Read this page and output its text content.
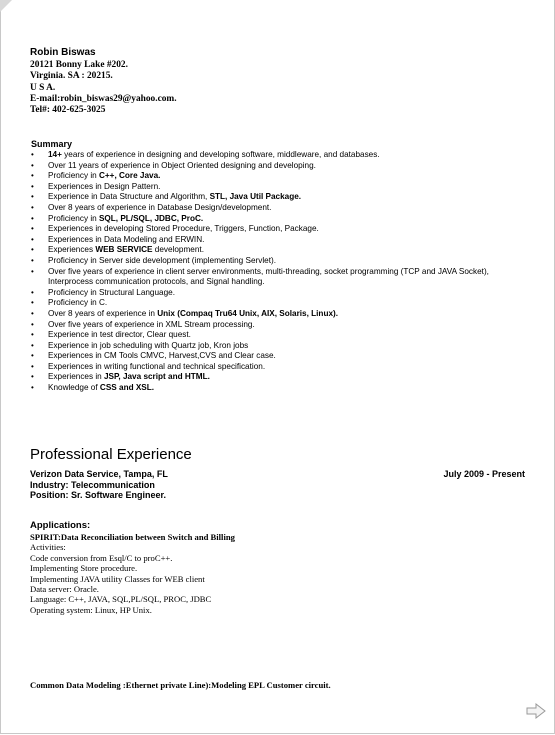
Robin Biswas
20121 Bonny Lake #202.
Virginia. SA : 20215.
U S A.
E-mail:robin_biswas29@yahoo.com.
Tel#: 402-625-3025
Summary
• 14+ years of experience in designing and developing software, middleware, and databases.
• Over 11 years of experience in Object Oriented designing and developing.
• Proficiency in C++, Core Java.
• Experiences in Design Pattern.
• Experience in Data Structure and Algorithm, STL, Java Util Package.
• Over 8 years of experience in Database Design/development.
• Proficiency in SQL, PL/SQL, JDBC, ProC.
• Experiences in developing Stored Procedure, Triggers, Function, Package.
• Experiences in Data Modeling and ERWIN.
• Experiences WEB SERVICE development.
• Proficiency in Server side development (implementing Servlet).
• Over five years of experience in client server environments, multi-threading, socket programming (TCP and JAVA Socket), Interprocess communication protocols, and Signal handling.
• Proficiency in Structural Language.
• Proficiency in C.
• Over 8 years of experience in Unix (Compaq Tru64 Unix, AIX, Solaris, Linux).
• Over five years of experience in XML Stream processing.
• Experience in test director, Clear quest.
• Experience in job scheduling with Quartz job, Kron jobs
• Experiences in CM Tools CMVC, Harvest,CVS and Clear case.
• Experiences in writing functional and technical specification.
• Experiences in JSP, Java script and HTML.
• Knowledge of CSS and XSL.
Professional Experience
Verizon Data Service, Tampa, FL
Industry: Telecommunication
Position: Sr. Software Engineer.
July 2009 - Present
Applications:
SPIRIT:Data Reconciliation between Switch and Billing
Activities:
Code conversion from Esql/C to proC++.
Implementing Store procedure.
Implementing JAVA utility Classes for WEB client
Data server: Oracle.
Language: C++, JAVA, SQL,PL/SQL, PROC, JDBC
Operating system: Linux, HP Unix.
Common Data Modeling :Ethernet private Line):Modeling EPL Customer circuit.
